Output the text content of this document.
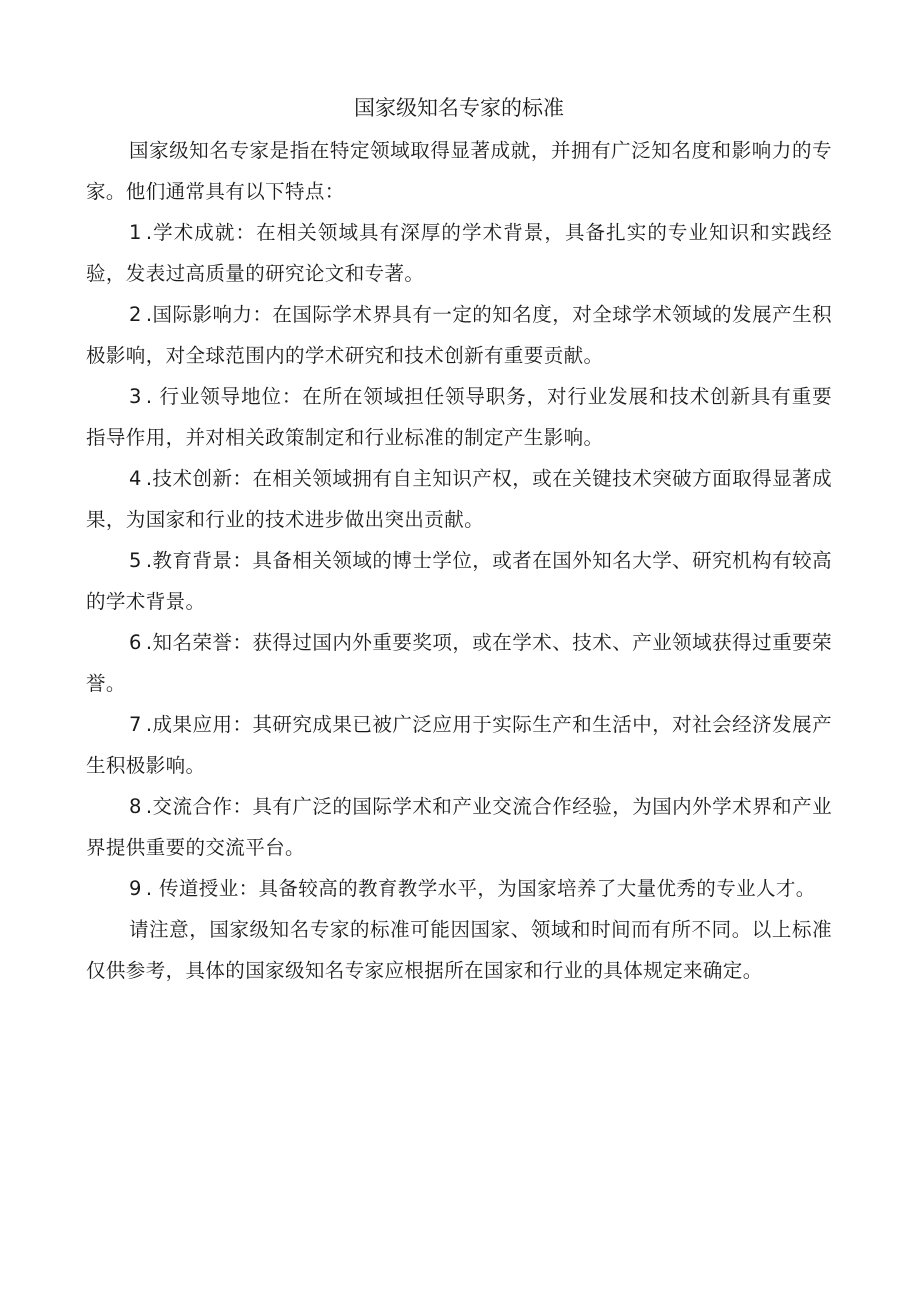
国家级知名专家的标准

国家级知名专家是指在特定领域取得显著成就，并拥有广泛知名度和影响力的专家。他们通常具有以下特点：

1 .学术成就：在相关领域具有深厚的学术背景，具备扎实的专业知识和实践经验，发表过高质量的研究论文和专著。

2 .国际影响力：在国际学术界具有一定的知名度，对全球学术领域的发展产生积极影响，对全球范围内的学术研究和技术创新有重要贡献。

3 . 行业领导地位：在所在领域担任领导职务，对行业发展和技术创新具有重要指导作用，并对相关政策制定和行业标准的制定产生影响。

4 .技术创新：在相关领域拥有自主知识产权，或在关键技术突破方面取得显著成果，为国家和行业的技术进步做出突出贡献。

5 .教育背景：具备相关领域的博士学位，或者在国外知名大学、研究机构有较高的学术背景。

6 .知名荣誉：获得过国内外重要奖项，或在学术、技术、产业领域获得过重要荣誉。

7 .成果应用：其研究成果已被广泛应用于实际生产和生活中，对社会经济发展产生积极影响。

8 .交流合作：具有广泛的国际学术和产业交流合作经验，为国内外学术界和产业界提供重要的交流平台。

9 . 传道授业：具备较高的教育教学水平，为国家培养了大量优秀的专业人才。

请注意，国家级知名专家的标准可能因国家、领域和时间而有所不同。以上标准仅供参考，具体的国家级知名专家应根据所在国家和行业的具体规定来确定。
